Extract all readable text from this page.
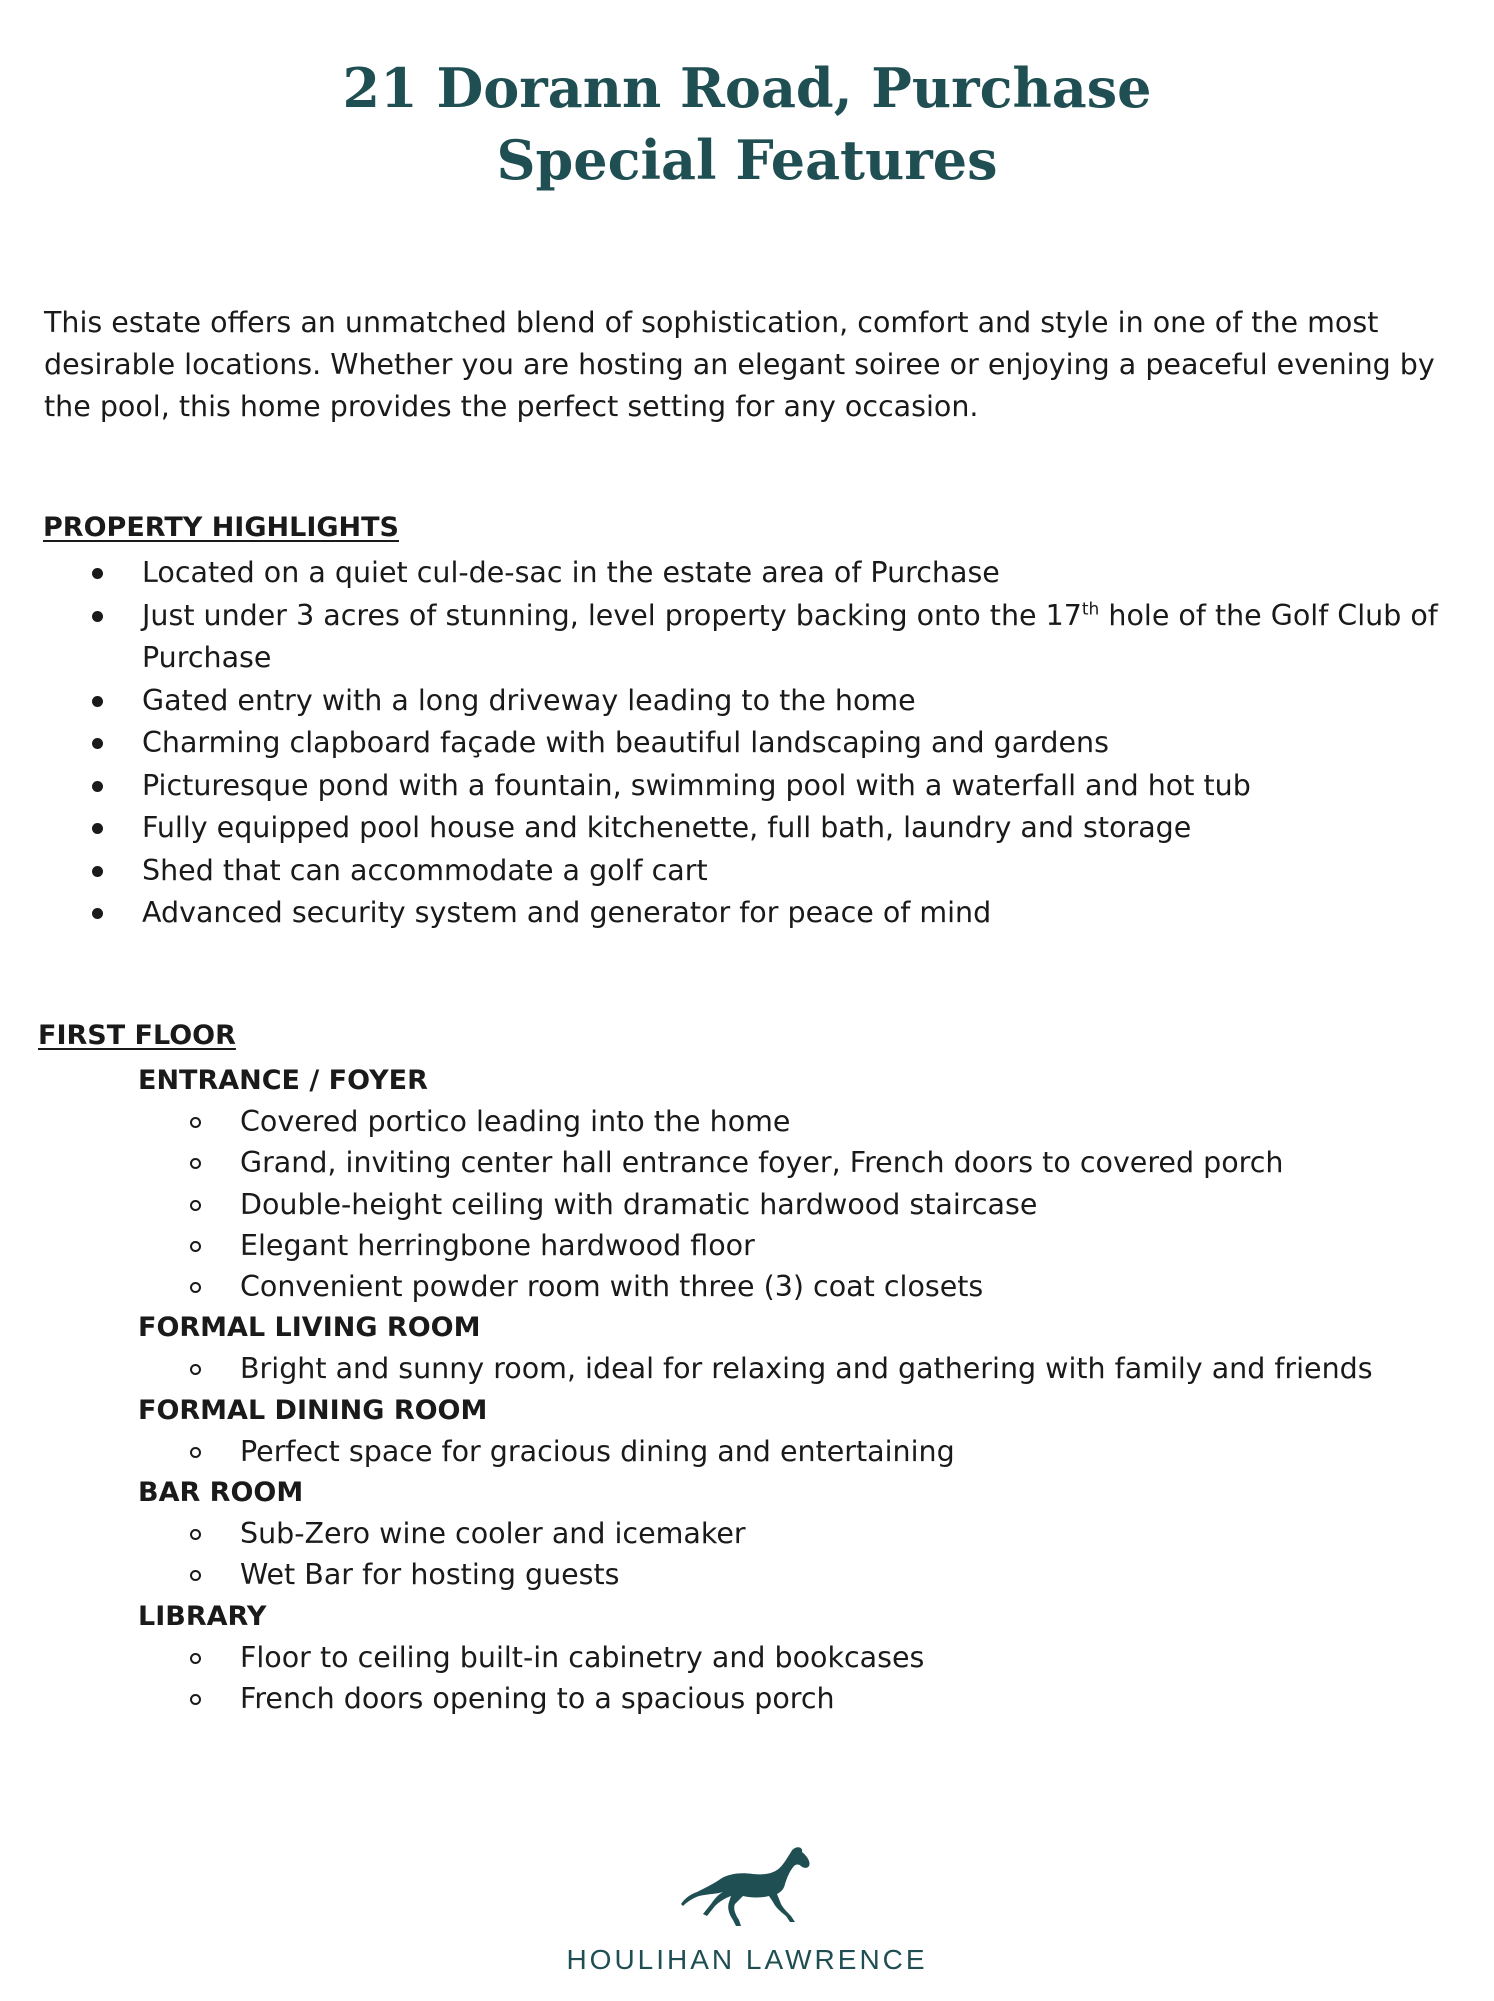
21 Dorann Road, Purchase
Special Features
This estate offers an unmatched blend of sophistication, comfort and style in one of the most desirable locations. Whether you are hosting an elegant soiree or enjoying a peaceful evening by the pool, this home provides the perfect setting for any occasion.
PROPERTY HIGHLIGHTS
Located on a quiet cul-de-sac in the estate area of Purchase
Just under 3 acres of stunning, level property backing onto the 17th hole of the Golf Club of Purchase
Gated entry with a long driveway leading to the home
Charming clapboard façade with beautiful landscaping and gardens
Picturesque pond with a fountain, swimming pool with a waterfall and hot tub
Fully equipped pool house and kitchenette, full bath, laundry and storage
Shed that can accommodate a golf cart
Advanced security system and generator for peace of mind
FIRST FLOOR
ENTRANCE / FOYER
Covered portico leading into the home
Grand, inviting center hall entrance foyer, French doors to covered porch
Double-height ceiling with dramatic hardwood staircase
Elegant herringbone hardwood floor
Convenient powder room with three (3) coat closets
FORMAL LIVING ROOM
Bright and sunny room, ideal for relaxing and gathering with family and friends
FORMAL DINING ROOM
Perfect space for gracious dining and entertaining
BAR ROOM
Sub-Zero wine cooler and icemaker
Wet Bar for hosting guests
LIBRARY
Floor to ceiling built-in cabinetry and bookcases
French doors opening to a spacious porch
HOULIHAN LAWRENCE
